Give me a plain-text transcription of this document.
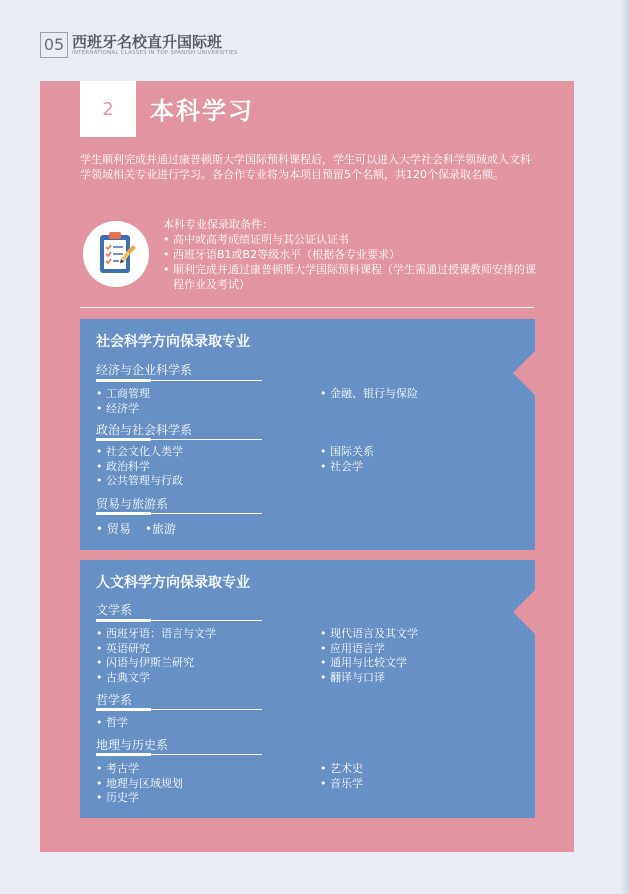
05 西班牙名校直升国际班
INTERNATIONAL CLASSES IN TOP SPANISH UNIVERSITIES
2	本科学习
学生顺利完成并通过康普顿斯大学国际预科课程后，学生可以进入大学社会科学领域或人文科学领域相关专业进行学习。各合作专业将为本项目预留5个名额，共120个保录取名额。
本科专业保录取条件：
• 高中或高考成绩证明与其公证认证书
• 西班牙语B1或B2等级水平（根据各专业要求）
• 顺利完成并通过康普顿斯大学国际预科课程（学生需通过授课教师安排的课程作业及考试）
社会科学方向保录取专业
经济与企业科学系
• 工商管理
• 经济学
• 金融、银行与保险
政治与社会科学系
• 社会文化人类学
• 政治科学
• 公共管理与行政
• 国际关系
• 社会学
贸易与旅游系
• 贸易 •旅游
人文科学方向保录取专业
文学系
• 西班牙语：语言与文学
• 英语研究
• 闪语与伊斯兰研究
• 古典文学
• 现代语言及其文学
• 应用语言学
• 通用与比较文学
• 翻译与口译
哲学系
• 哲学
地理与历史系
• 考古学
• 地理与区域规划
• 历史学
• 艺术史
• 音乐学
